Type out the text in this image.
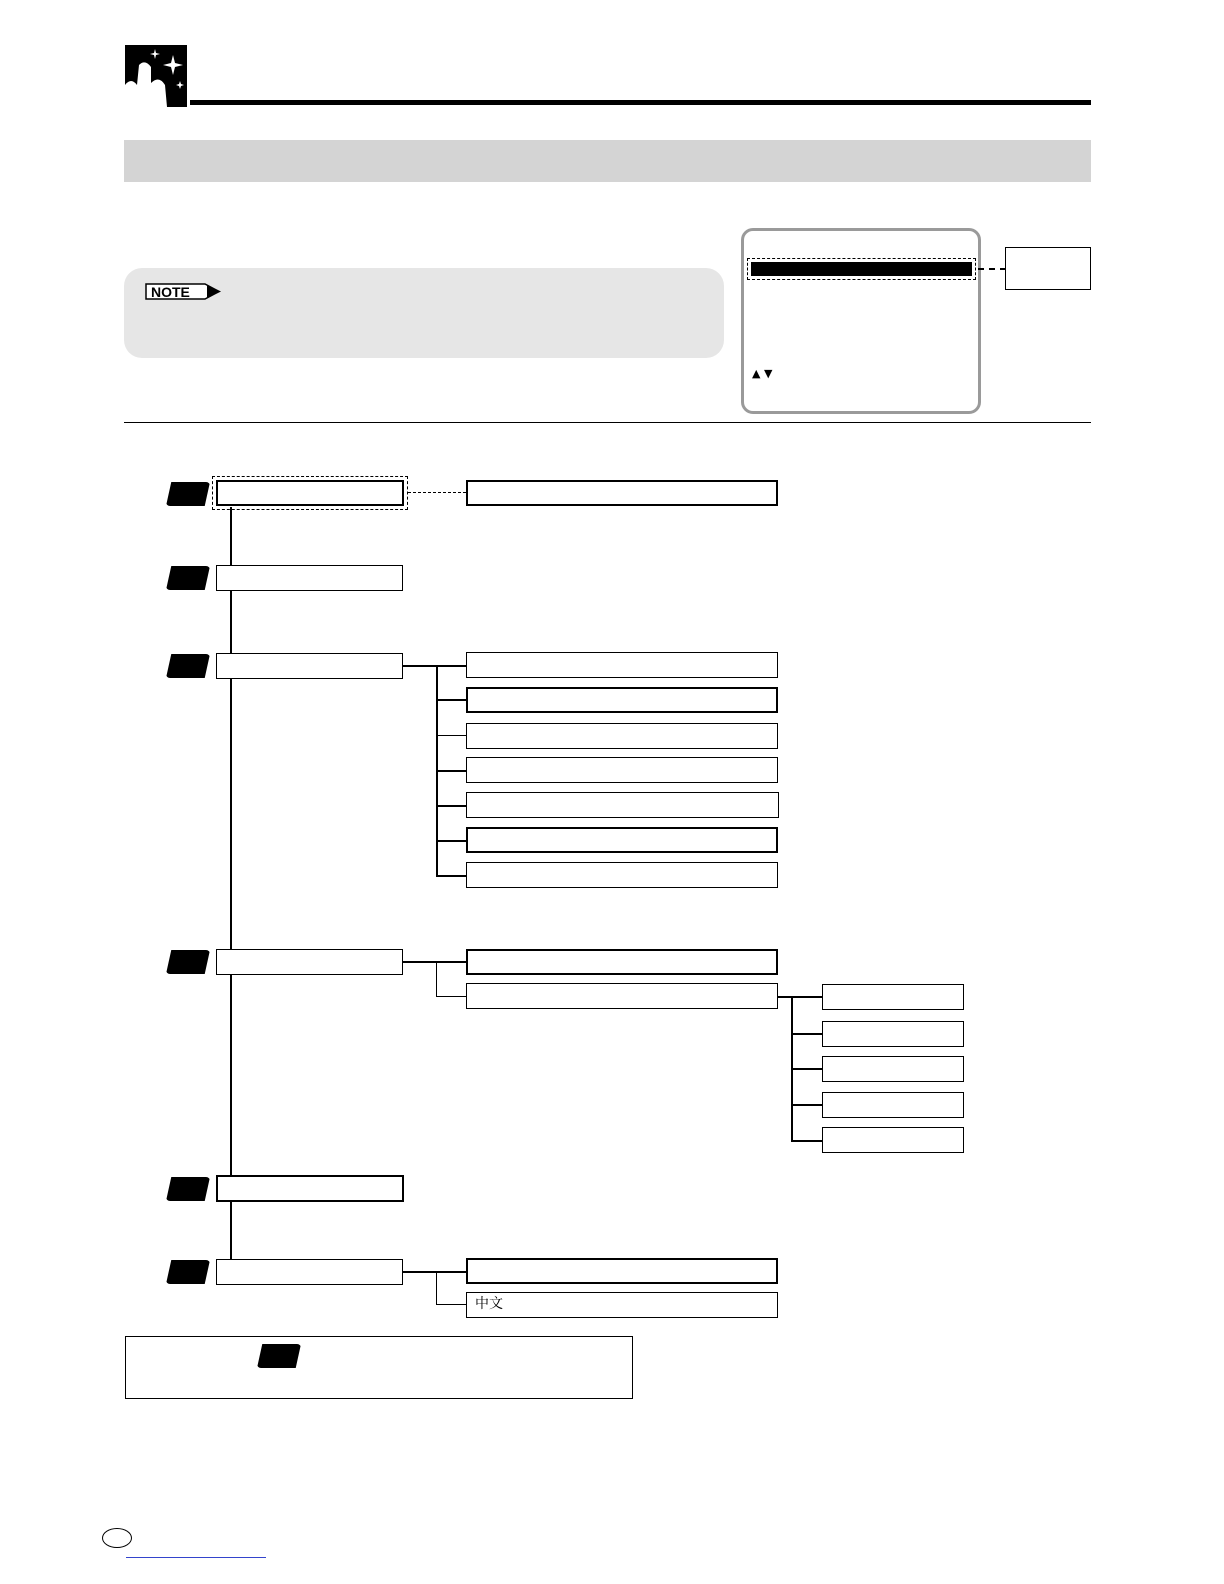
NOTE
▲ ▼
中文
